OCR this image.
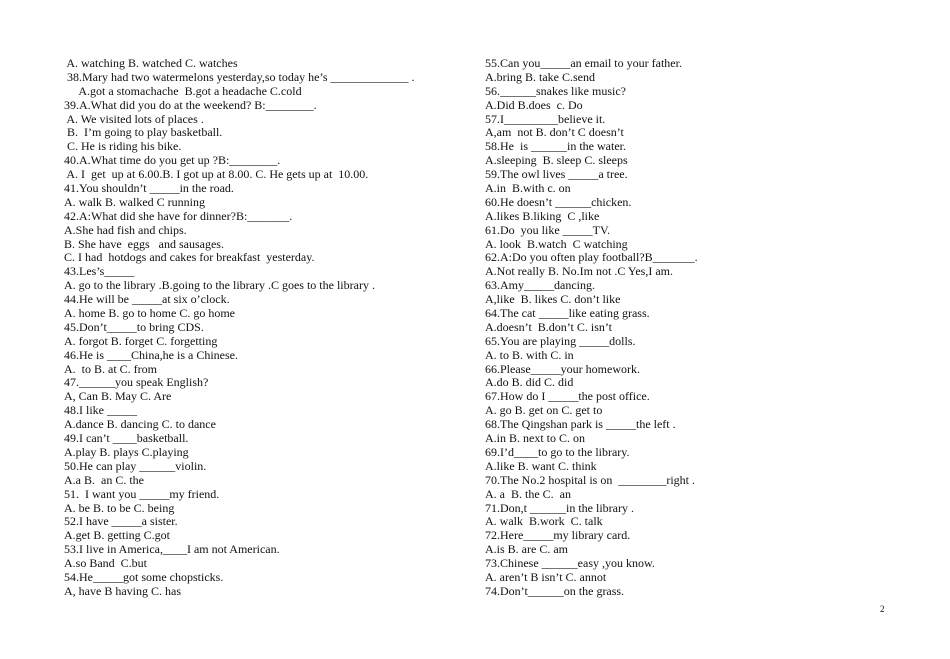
A. watching B. watched C. watches
38.Mary had two watermelons yesterday,so today he’s _____________ .
A.got a stomachache  B.got a headache C.cold
39.A.What did you do at the weekend? B:________.
A. We visited lots of places .
B.  I’m going to play basketball.
C. He is riding his bike.
40.A.What time do you get up ?B:________.
A. I  get  up at 6.00.B. I got up at 8.00. C. He gets up at  10.00.
41.You shouldn’t _____in the road.
A. walk B. walked C running
42.A:What did she have for dinner?B:_______.
A.She had fish and chips.
B. She have  eggs   and sausages.
C. I had  hotdogs and cakes for breakfast  yesterday.
43.Les’s_____
A. go to the library .B.going to the library .C goes to the library .
44.He will be _____at six o’clock.
A. home B. go to home C. go home
45.Don’t_____to bring CDS.
A. forgot B. forget C. forgetting
46.He is ____China,he is a Chinese.
A.  to B. at C. from
47.______you speak English?
A, Can B. May C. Are
48.I like _____
A.dance B. dancing C. to dance
49.I can’t ____basketball.
A.play B. plays C.playing
50.He can play ______violin.
A.a B.  an C. the
51.  I want you _____my friend.
A. be B. to be C. being
52.I have _____a sister.
A.get B. getting C.got
53.I live in America,____I am not American.
A.so Band  C.but
54.He_____got some chopsticks.
A, have B having C. has
55.Can you_____an email to your father.
A.bring B. take C.send
56.______snakes like music?
A.Did B.does  c. Do
57.I_________believe it.
A,am  not B. don’t C doesn’t
58.He  is ______in the water.
A.sleeping  B. sleep C. sleeps
59.The owl lives _____a tree.
A.in  B.with c. on
60.He doesn’t ______chicken.
A.likes B.liking  C ,like
61.Do  you like _____TV.
A. look  B.watch  C watching
62.A:Do you often play football?B_______.
A.Not really B. No.Im not .C Yes,I am.
63.Amy_____dancing.
A,like  B. likes C. don’t like
64.The cat _____like eating grass.
A.doesn’t  B.don’t C. isn’t
65.You are playing _____dolls.
A. to B. with C. in
66.Please_____your homework.
A.do B. did C. did
67.How do I _____the post office.
A. go B. get on C. get to
68.The Qingshan park is _____the left .
A.in B. next to C. on
69.I’d____to go to the library.
A.like B. want C. think
70.The No.2 hospital is on  ________right .
A. a  B. the C.  an
71.Don,t ______in the library .
A. walk  B.work  C. talk
72.Here_____my library card.
A.is B. are C. am
73.Chinese ______easy ,you know.
A. aren’t B isn’t C. annot
74.Don’t______on the grass.
2
